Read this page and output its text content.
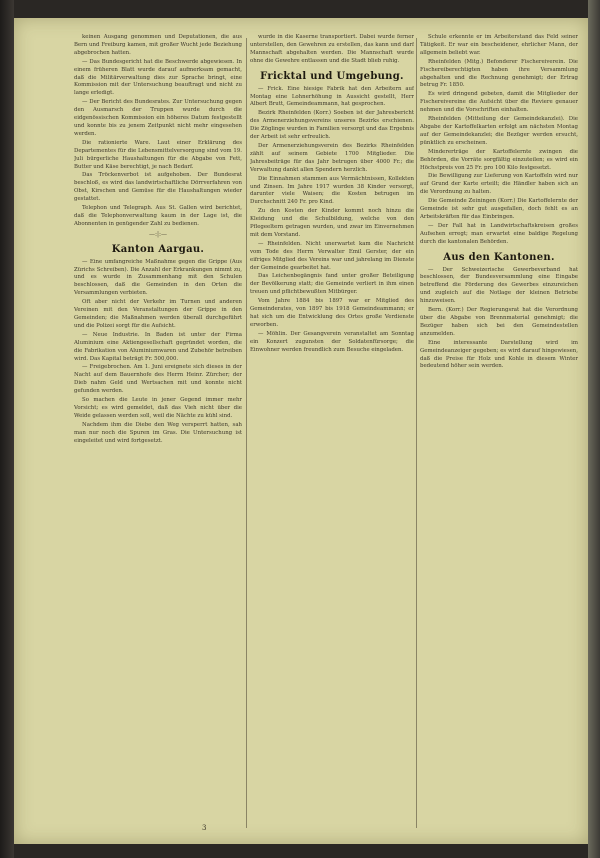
keinen Ausgang genommen und Deputationen, die aus Bern und Freiburg kamen, mit großer Wucht jede Beziehung abgebrochen hatten.

— Das Bundesgericht hat die Beschwerde abgewiesen. In einem früheren Blatt wurde darauf aufmerksam gemacht, daß die Militärverwaltung dies zur Sprache bringt, eine Kommission mit der Untersuchung beauftragt und nicht zu lange erledigt.

— Der Bericht des Bundesrates. Zur Untersuchung gegen den Ausmarsch der Truppen wurde durch die eidgenössischen Kommission ein höheres Datum festgestellt und konnte bis zu jenem Zeitpunkt nicht mehr eingesehen werden.

Die rationierte Ware. Laut einer Erklärung des Departementes für die Lebensmittelversorgung sind vom 19. Juli bürgerliche Haushaltungen für die Abgabe von Fett, Butter und Käse berechtigt, je nach Bedarf.

Das Tröckenverbot ist aufgehoben. Der Bundesrat beschloß, es wird das landwirtschaftliche Dörrverfahren von Obst, Kirschen und Gemüse für die Haushaltungen wieder gestattet.

Telephon und Telegraph. Aus St. Gallen wird berichtet, daß die Telephonverwaltung kaum in der Lage ist, die Abonnenten in genügender Zahl zu bedienen.

—:|:—
Kanton Aargau.

— Eine umfangreiche Maßnahme gegen die Grippe (Aus Zürichs Schreiben). Die Anzahl der Erkrankungen nimmt zu, und es wurde in Zusammenhang mit den Schulen beschlossen, daß die Gemeinden in den Orten die Versammlungen verbieten.

Oft aber nicht der Verkehr im Turnen und anderen Vereinen mit den Veranstaltungen der Grippe in den Gemeinden; die Maßnahmen werden überall durchgeführt und die Polizei sorgt für die Aufsicht.

— Neue Industrie. In Baden ist unter der Firma Aluminium eine Aktiengesellschaft gegründet worden, die die Fabrikation von Aluminiumwaren und Zubehör betreiben wird. Das Kapital beträgt Fr. 500,000.

— Freigebrochen. Am 1. Juni ereignete sich dieses in der Nacht auf dem Bauernhofe des Herrn Heinr. Zürcher; der Dieb nahm Geld und Wertsachen mit und konnte nicht gefunden werden.

So machen die Leute in jener Gegend immer mehr Vorsicht; es wird gemeldet, daß das Vieh nicht über die Weide gelassen werden soll, weil die Nächte zu kühl sind.

Nachdem ihm die Diebe den Weg versperrt hatten, sah man nur noch die Spuren im Gras. Die Untersuchung ist eingeleitet und wird fortgesetzt.

wurde in die Kaserne transportiert. Dabei wurde ferner unterstellen, den Gewehren zu erstellen, das kann und darf Mannschaft abgehalten werden. Die Mannschaft wurde ohne die Gewehre entlassen und die Stadt blieb ruhig.

Fricktal und Umgebung.

— Frick. Eine hiesige Fabrik hat den Arbeitern auf Montag eine Lohnerhöhung in Aussicht gestellt, Herr Albert Brutt, Gemeindeammann, hat gesprochen.

Bezirk Rheinfelden (Korr.) Soeben ist der Jahresbericht des Armenerziehungsvereins unseres Bezirks erschienen. Die Zöglinge wurden in Familien versorgt und das Ergebnis der Arbeit ist sehr erfreulich.

Der Armenerziehungsverein des Bezirks Rheinfelden zählt auf seinem Gebiete 1700 Mitglieder. Die Jahresbeiträge für das Jahr betrugen über 4000 Fr.; die Verwaltung dankt allen Spendern herzlich.

Die Einnahmen stammen aus Vermächtnissen, Kollekten und Zinsen. Im Jahre 1917 wurden 38 Kinder versorgt, darunter viele Waisen; die Kosten betrugen im Durchschnitt 240 Fr. pro Kind.

Zu den Kosten der Kinder kommt noch hinzu die Kleidung und die Schulbildung, welche von den Pflegeeltern getragen wurden, und zwar im Einvernehmen mit dem Vorstand.

— Rheinfelden. Nicht unerwartet kam die Nachricht vom Tode des Herrn Verwalter Emil Gerster, der ein eifriges Mitglied des Vereins war und jahrelang im Dienste der Gemeinde gearbeitet hat.

Das Leichenbegängnis fand unter großer Beteiligung der Bevölkerung statt; die Gemeinde verliert in ihm einen treuen und pflichtbewußten Mitbürger.

Vom Jahre 1884 bis 1897 war er Mitglied des Gemeinderates, von 1897 bis 1918 Gemeindeammann; er hat sich um die Entwicklung des Ortes große Verdienste erworben.

— Möhlin. Der Gesangverein veranstaltet am Sonntag ein Konzert zugunsten der Soldatenfürsorge; die Einwohner werden freundlich zum Besuche eingeladen.

Schule erkennte er im Arbeiterstand das Feld seiner Tätigkeit. Er war ein bescheidener, ehrlicher Mann, der allgemein beliebt war.

Rheinfelden (Mitg.) Befonderer Fischereiverein. Die Fischereiberechtigten haben ihre Versammlung abgehalten und die Rechnung genehmigt; der Ertrag betrug Fr. 1850.

Es wird dringend gebeten, damit die Mitglieder der Fischereivereine die Aufsicht über die Reviere genauer nehmen und die Vorschriften einhalten.

Rheinfelden (Mitteilung der Gemeindekanzlei). Die Abgabe der Kartoffelkarten erfolgt am nächsten Montag auf der Gemeindekanzlei; die Bezüger werden ersucht, pünktlich zu erscheinen.

Mindererträge der Kartoffelernte zwingen die Behörden, die Vorräte sorgfältig einzuteilen; es wird ein Höchstpreis von 25 Fr. pro 100 Kilo festgesetzt.

Die Bewilligung zur Lieferung von Kartoffeln wird nur auf Grund der Karte erteilt; die Händler haben sich an die Verordnung zu halten.

Die Gemeinde Zeiningen (Korr.) Die Kartoffelernte der Gemeinde ist sehr gut ausgefallen, doch fehlt es an Arbeitskräften für das Einbringen.

— Der Fall hat in Landwirtschaftskreisen großes Aufsehen erregt; man erwartet eine baldige Regelung durch die kantonalen Behörden.

Aus den Kantonen.

— Der Schweizerische Gewerbeverband hat beschlossen, der Bundesversammlung eine Eingabe betreffend die Förderung des Gewerbes einzureichen und zugleich auf die Notlage der kleinen Betriebe hinzuweisen.

Bern. (Korr.) Der Regierungsrat hat die Verordnung über die Abgabe von Brennmaterial genehmigt; die Bezüger haben sich bei den Gemeindestellen anzumelden.

Eine interessante Darstellung wird im Gemeindeanzeiger gegeben; es wird darauf hingewiesen, daß die Preise für Holz und Kohle in diesem Winter bedeutend höher sein werden.

3
